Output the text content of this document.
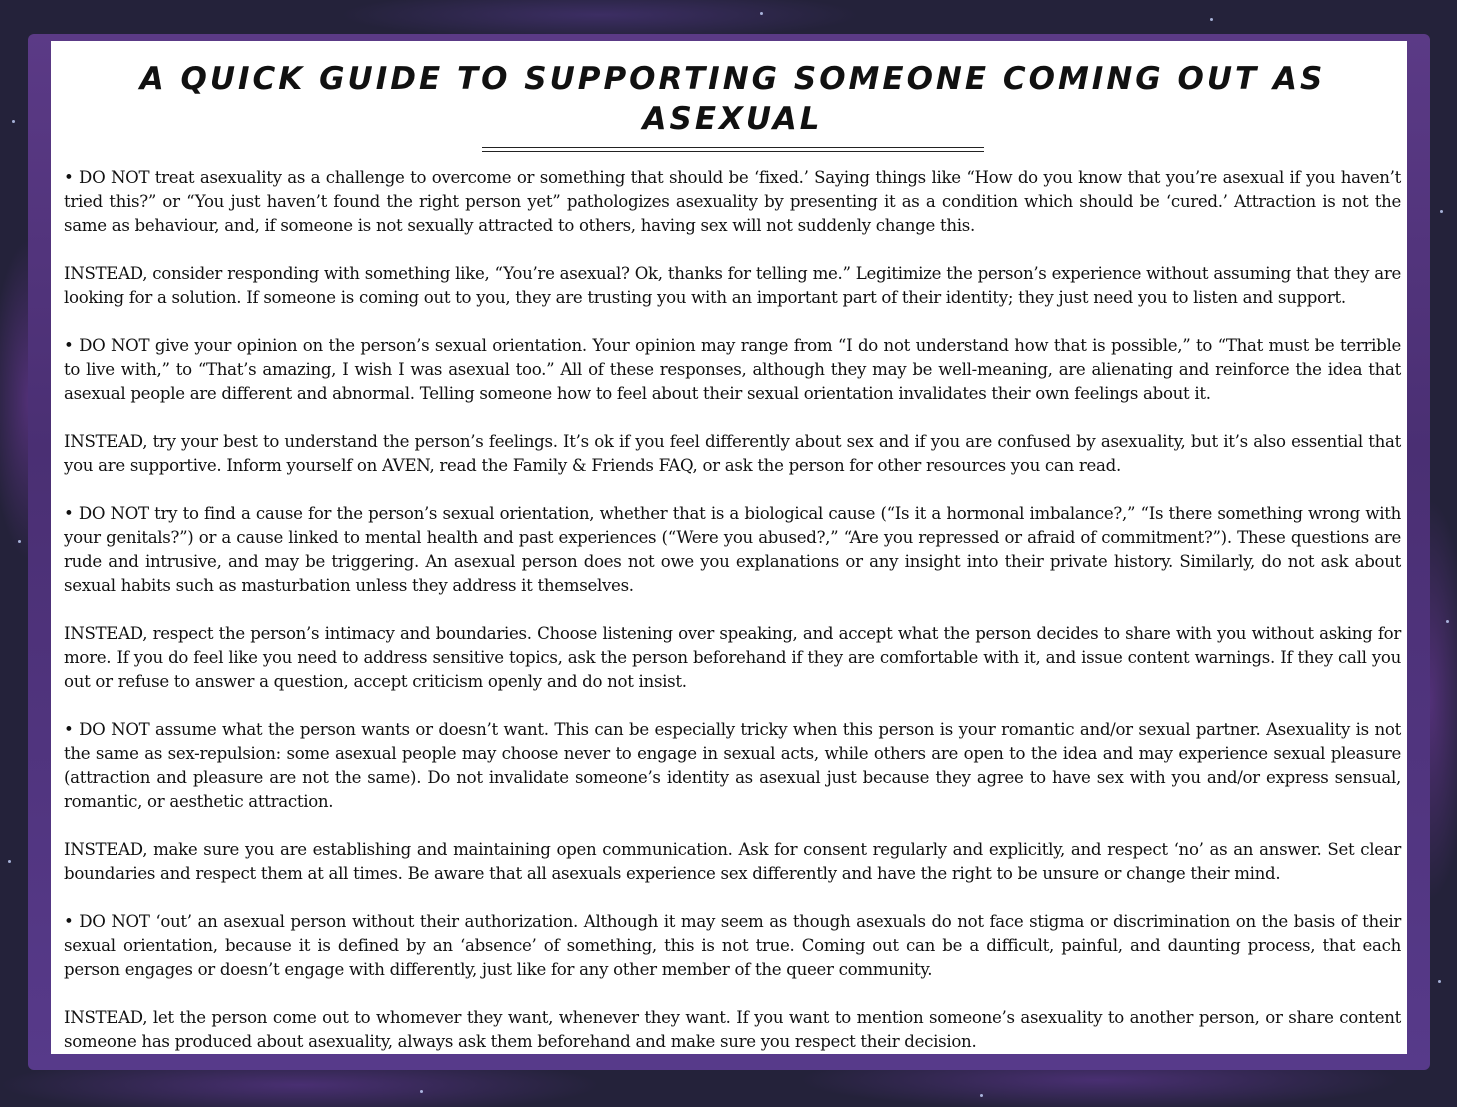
A QUICK GUIDE TO SUPPORTING SOMEONE COMING OUT AS ASEXUAL

• DO NOT treat asexuality as a challenge to overcome or something that should be ‘fixed.’ Saying things like “How do you know that you’re asexual if you haven’t tried this?” or “You just haven’t found the right person yet” pathologizes asexuality by presenting it as a condition which should be ‘cured.’ Attraction is not the same as behaviour, and, if someone is not sexually attracted to others, having sex will not suddenly change this.

INSTEAD, consider responding with something like, “You’re asexual? Ok, thanks for telling me.” Legitimize the person’s experience without assuming that they are looking for a solution. If someone is coming out to you, they are trusting you with an important part of their identity; they just need you to listen and support.

• DO NOT give your opinion on the person’s sexual orientation. Your opinion may range from “I do not understand how that is possible,” to “That must be terrible to live with,” to “That’s amazing, I wish I was asexual too.” All of these responses, although they may be well-meaning, are alienating and reinforce the idea that asexual people are different and abnormal. Telling someone how to feel about their sexual orientation invalidates their own feelings about it.

INSTEAD, try your best to understand the person’s feelings. It’s ok if you feel differently about sex and if you are confused by asexuality, but it’s also essential that you are supportive. Inform yourself on AVEN, read the Family & Friends FAQ, or ask the person for other resources you can read.

• DO NOT try to find a cause for the person’s sexual orientation, whether that is a biological cause (“Is it a hormonal imbalance?,” “Is there something wrong with your genitals?”) or a cause linked to mental health and past experiences (“Were you abused?,” “Are you repressed or afraid of commitment?”). These questions are rude and intrusive, and may be triggering. An asexual person does not owe you explanations or any insight into their private history. Similarly, do not ask about sexual habits such as masturbation unless they address it themselves.

INSTEAD, respect the person’s intimacy and boundaries. Choose listening over speaking, and accept what the person decides to share with you without asking for more. If you do feel like you need to address sensitive topics, ask the person beforehand if they are comfortable with it, and issue content warnings. If they call you out or refuse to answer a question, accept criticism openly and do not insist.

• DO NOT assume what the person wants or doesn’t want. This can be especially tricky when this person is your romantic and/or sexual partner. Asexuality is not the same as sex-repulsion: some asexual people may choose never to engage in sexual acts, while others are open to the idea and may experience sexual pleasure (attraction and pleasure are not the same). Do not invalidate someone’s identity as asexual just because they agree to have sex with you and/or express sensual, romantic, or aesthetic attraction.

INSTEAD, make sure you are establishing and maintaining open communication. Ask for consent regularly and explicitly, and respect ‘no’ as an answer. Set clear boundaries and respect them at all times. Be aware that all asexuals experience sex differently and have the right to be unsure or change their mind.

• DO NOT ‘out’ an asexual person without their authorization. Although it may seem as though asexuals do not face stigma or discrimination on the basis of their sexual orientation, because it is defined by an ‘absence’ of something, this is not true. Coming out can be a difficult, painful, and daunting process, that each person engages or doesn’t engage with differently, just like for any other member of the queer community.

INSTEAD, let the person come out to whomever they want, whenever they want. If you want to mention someone’s asexuality to another person, or share content someone has produced about asexuality, always ask them beforehand and make sure you respect their decision.
